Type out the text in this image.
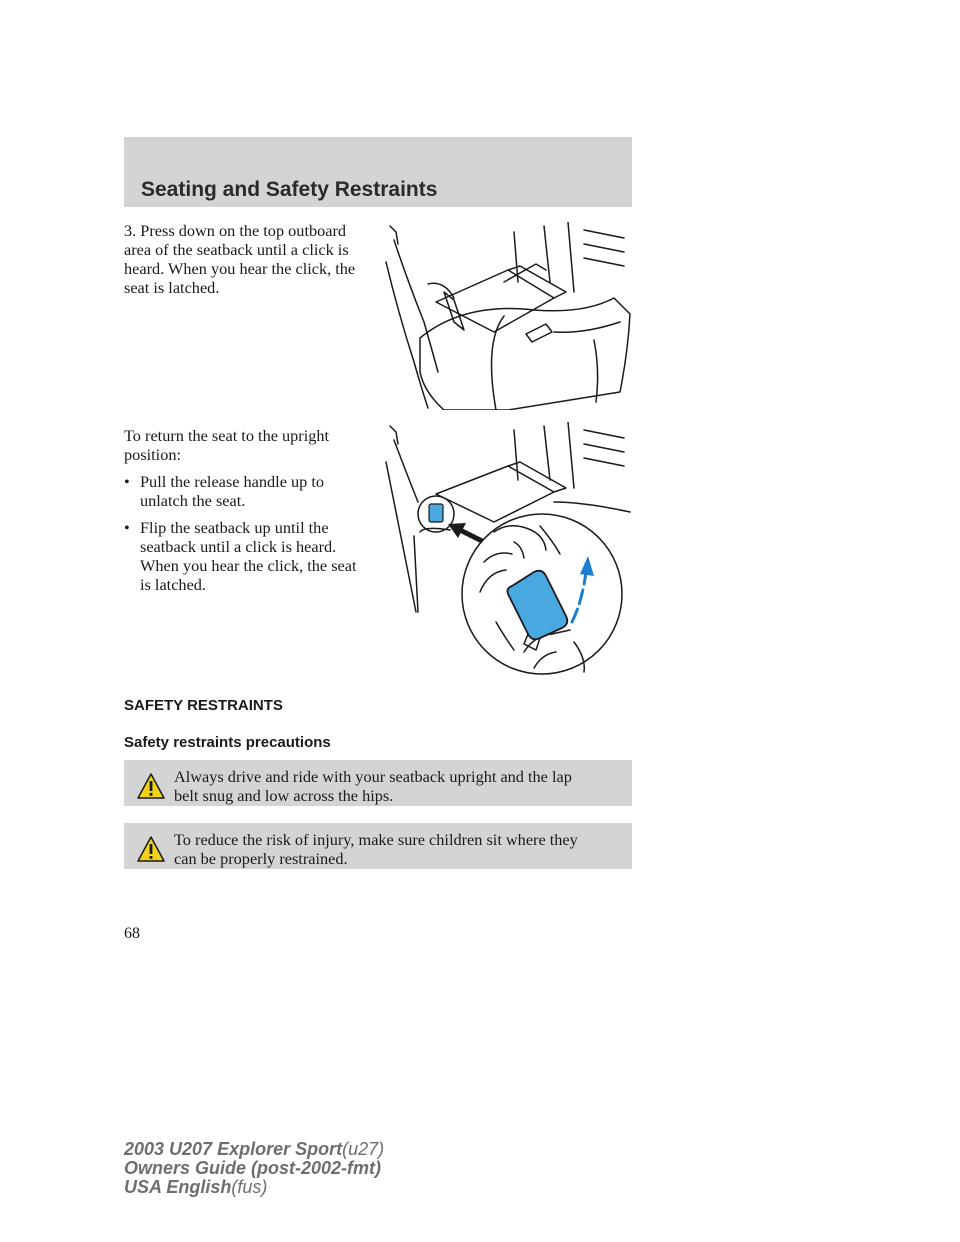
Seating and Safety Restraints
3. Press down on the top outboard
area of the seatback until a click is
heard. When you hear the click, the
seat is latched.
To return the seat to the upright
position:
• Pull the release handle up to
unlatch the seat.
• Flip the seatback up until the
seatback until a click is heard.
When you hear the click, the seat
is latched.
SAFETY RESTRAINTS
Safety restraints precautions
Always drive and ride with your seatback upright and the lap
belt snug and low across the hips.
To reduce the risk of injury, make sure children sit where they
can be properly restrained.
68
2003 U207 Explorer Sport(u27)
Owners Guide (post-2002-fmt)
USA English(fus)
